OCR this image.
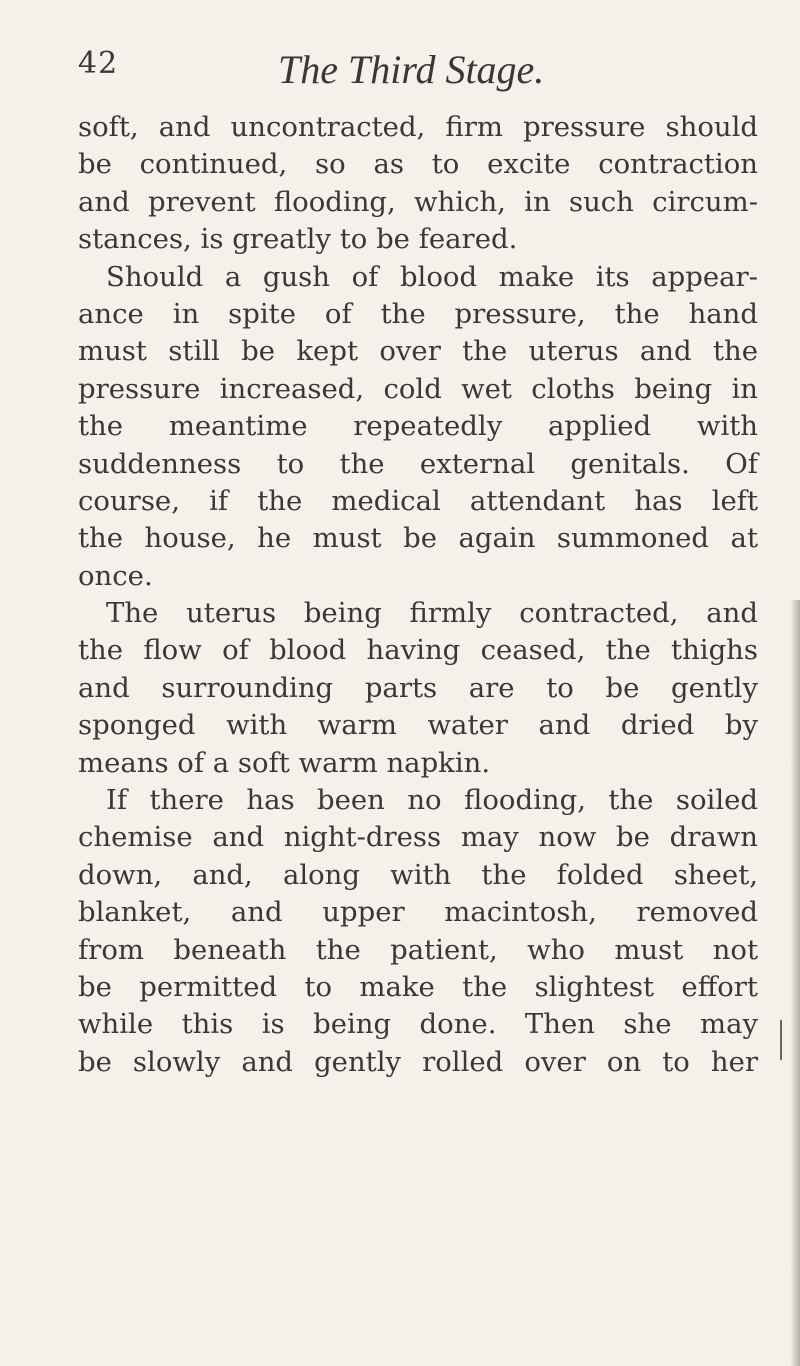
42	The Third Stage.
soft, and uncontracted, firm pressure should
be continued, so as to excite contraction
and prevent flooding, which, in such circum-
stances, is greatly to be feared.
Should a gush of blood make its appear-
ance in spite of the pressure, the hand
must still be kept over the uterus and the
pressure increased, cold wet cloths being in
the meantime repeatedly applied with
suddenness to the external genitals. Of
course, if the medical attendant has left
the house, he must be again summoned at
once.
The uterus being firmly contracted, and
the flow of blood having ceased, the thighs
and surrounding parts are to be gently
sponged with warm water and dried by
means of a soft warm napkin.
If there has been no flooding, the soiled
chemise and night-dress may now be drawn
down, and, along with the folded sheet,
blanket, and upper macintosh, removed
from beneath the patient, who must not
be permitted to make the slightest effort
while this is being done. Then she may
be slowly and gently rolled over on to her
